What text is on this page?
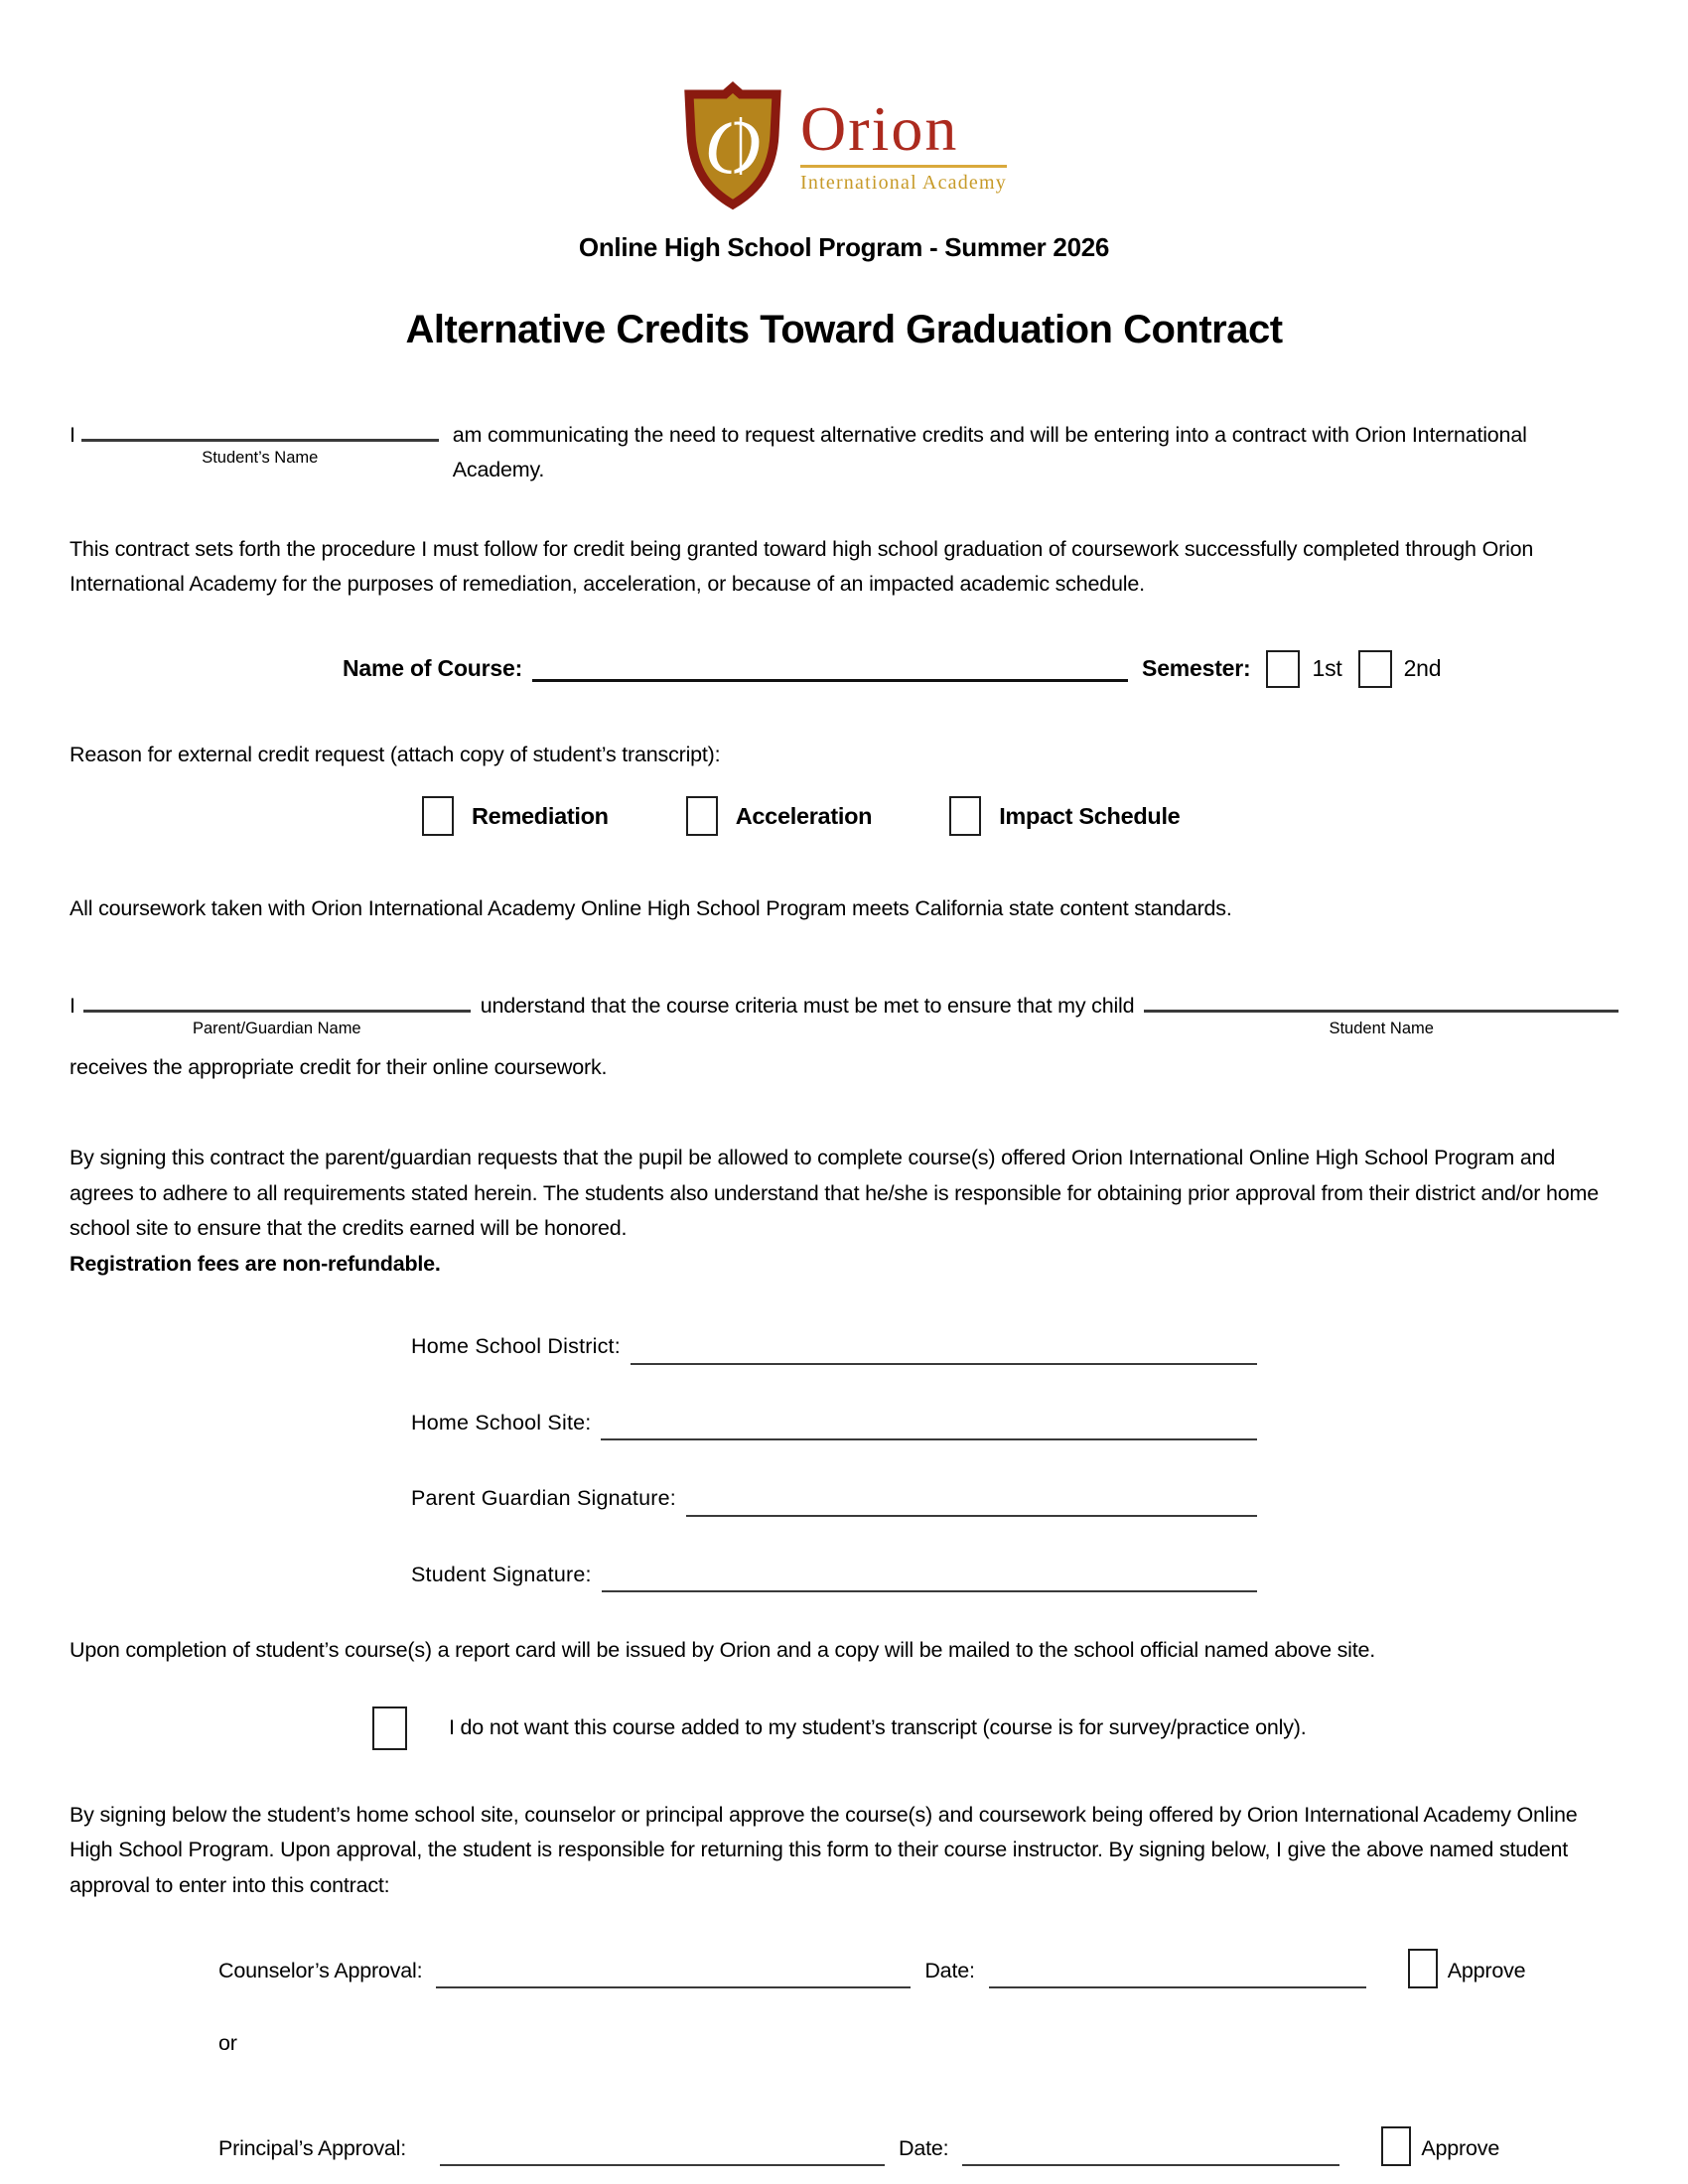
O Orion
International Academy
Online High School Program - Summer 2026
Alternative Credits Toward Graduation Contract
I
Student’s Name
am communicating the need to request alternative credits and will be entering into a contract with Orion International Academy.
This contract sets forth the procedure I must follow for credit being granted toward high school graduation of coursework successfully completed through Orion International Academy for the purposes of remediation, acceleration, or because of an impacted academic schedule.
Name of Course:	Semester:	1st	2nd
Reason for external credit request (attach copy of student’s transcript):
Remediation	Acceleration	Impact Schedule
All coursework taken with Orion International Academy Online High School Program meets California state content standards.
I
Parent/Guardian Name
understand that the course criteria must be met to ensure that my child
Student Name
receives the appropriate credit for their online coursework.
By signing this contract the parent/guardian requests that the pupil be allowed to complete course(s) offered Orion International Online High School Program and agrees to adhere to all requirements stated herein. The students also understand that he/she is responsible for obtaining prior approval from their district and/or home school site to ensure that the credits earned will be honored.
Registration fees are non-refundable.
Home School District:
Home School Site:
Parent Guardian Signature:
Student Signature:
Upon completion of student’s course(s) a report card will be issued by Orion and a copy will be mailed to the school official named above site.
I do not want this course added to my student’s transcript (course is for survey/practice only).
By signing below the student’s home school site, counselor or principal approve the course(s) and coursework being offered by Orion International Academy Online High School Program. Upon approval, the student is responsible for returning this form to their course instructor. By signing below, I give the above named student approval to enter into this contract:
Counselor’s Approval:	Date:	Approve
or
Principal’s Approval:	Date:	Approve
